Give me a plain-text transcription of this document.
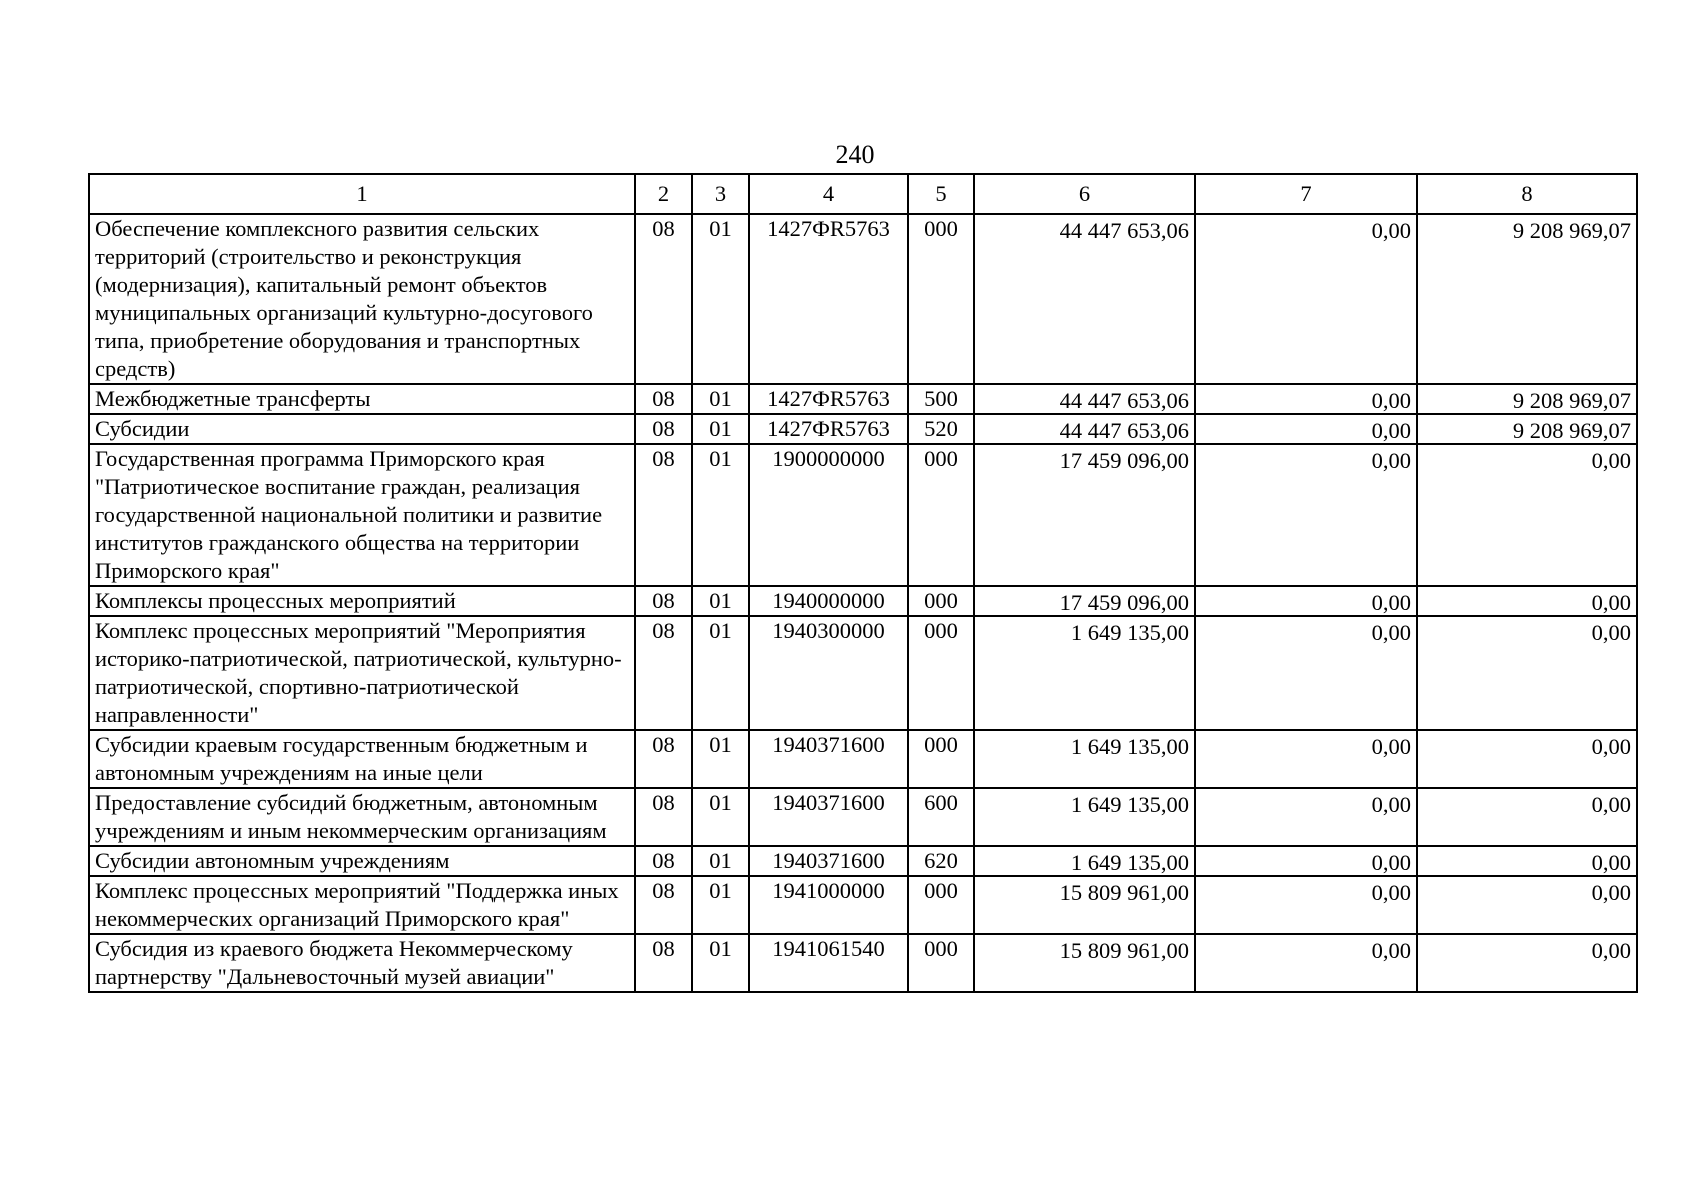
240
1	2	3	4	5	6	7	8
Обеспечение комплексного развития сельских территорий (строительство и реконструкция (модернизация), капитальный ремонт объектов муниципальных организаций культурно-досугового типа, приобретение оборудования и транспортных средств)	08	01	1427ФR5763	000	44 447 653,06	0,00	9 208 969,07

Межбюджетные трансферты	08	01	1427ФR5763	500	44 447 653,06	0,00	9 208 969,07

Субсидии	08	01	1427ФR5763	520	44 447 653,06	0,00	9 208 969,07

Государственная программа Приморского края "Патриотическое воспитание граждан, реализация государственной национальной политики и развитие институтов гражданского общества на территории Приморского края"	08	01	1900000000	000	17 459 096,00	0,00	0,00

Комплексы процессных мероприятий	08	01	1940000000	000	17 459 096,00	0,00	0,00

Комплекс процессных мероприятий "Мероприятия историко-патриотической, патриотической, культурно-патриотической, спортивно-патриотической направленности"	08	01	1940300000	000	1 649 135,00	0,00	0,00

Субсидии краевым государственным бюджетным и автономным учреждениям на иные цели	08	01	1940371600	000	1 649 135,00	0,00	0,00

Предоставление субсидий бюджетным, автономным учреждениям и иным некоммерческим организациям	08	01	1940371600	600	1 649 135,00	0,00	0,00

Субсидии автономным учреждениям	08	01	1940371600	620	1 649 135,00	0,00	0,00

Комплекс процессных мероприятий "Поддержка иных некоммерческих организаций Приморского края"	08	01	1941000000	000	15 809 961,00	0,00	0,00

Субсидия из краевого бюджета Некоммерческому партнерству "Дальневосточный музей авиации"	08	01	1941061540	000	15 809 961,00	0,00	0,00
